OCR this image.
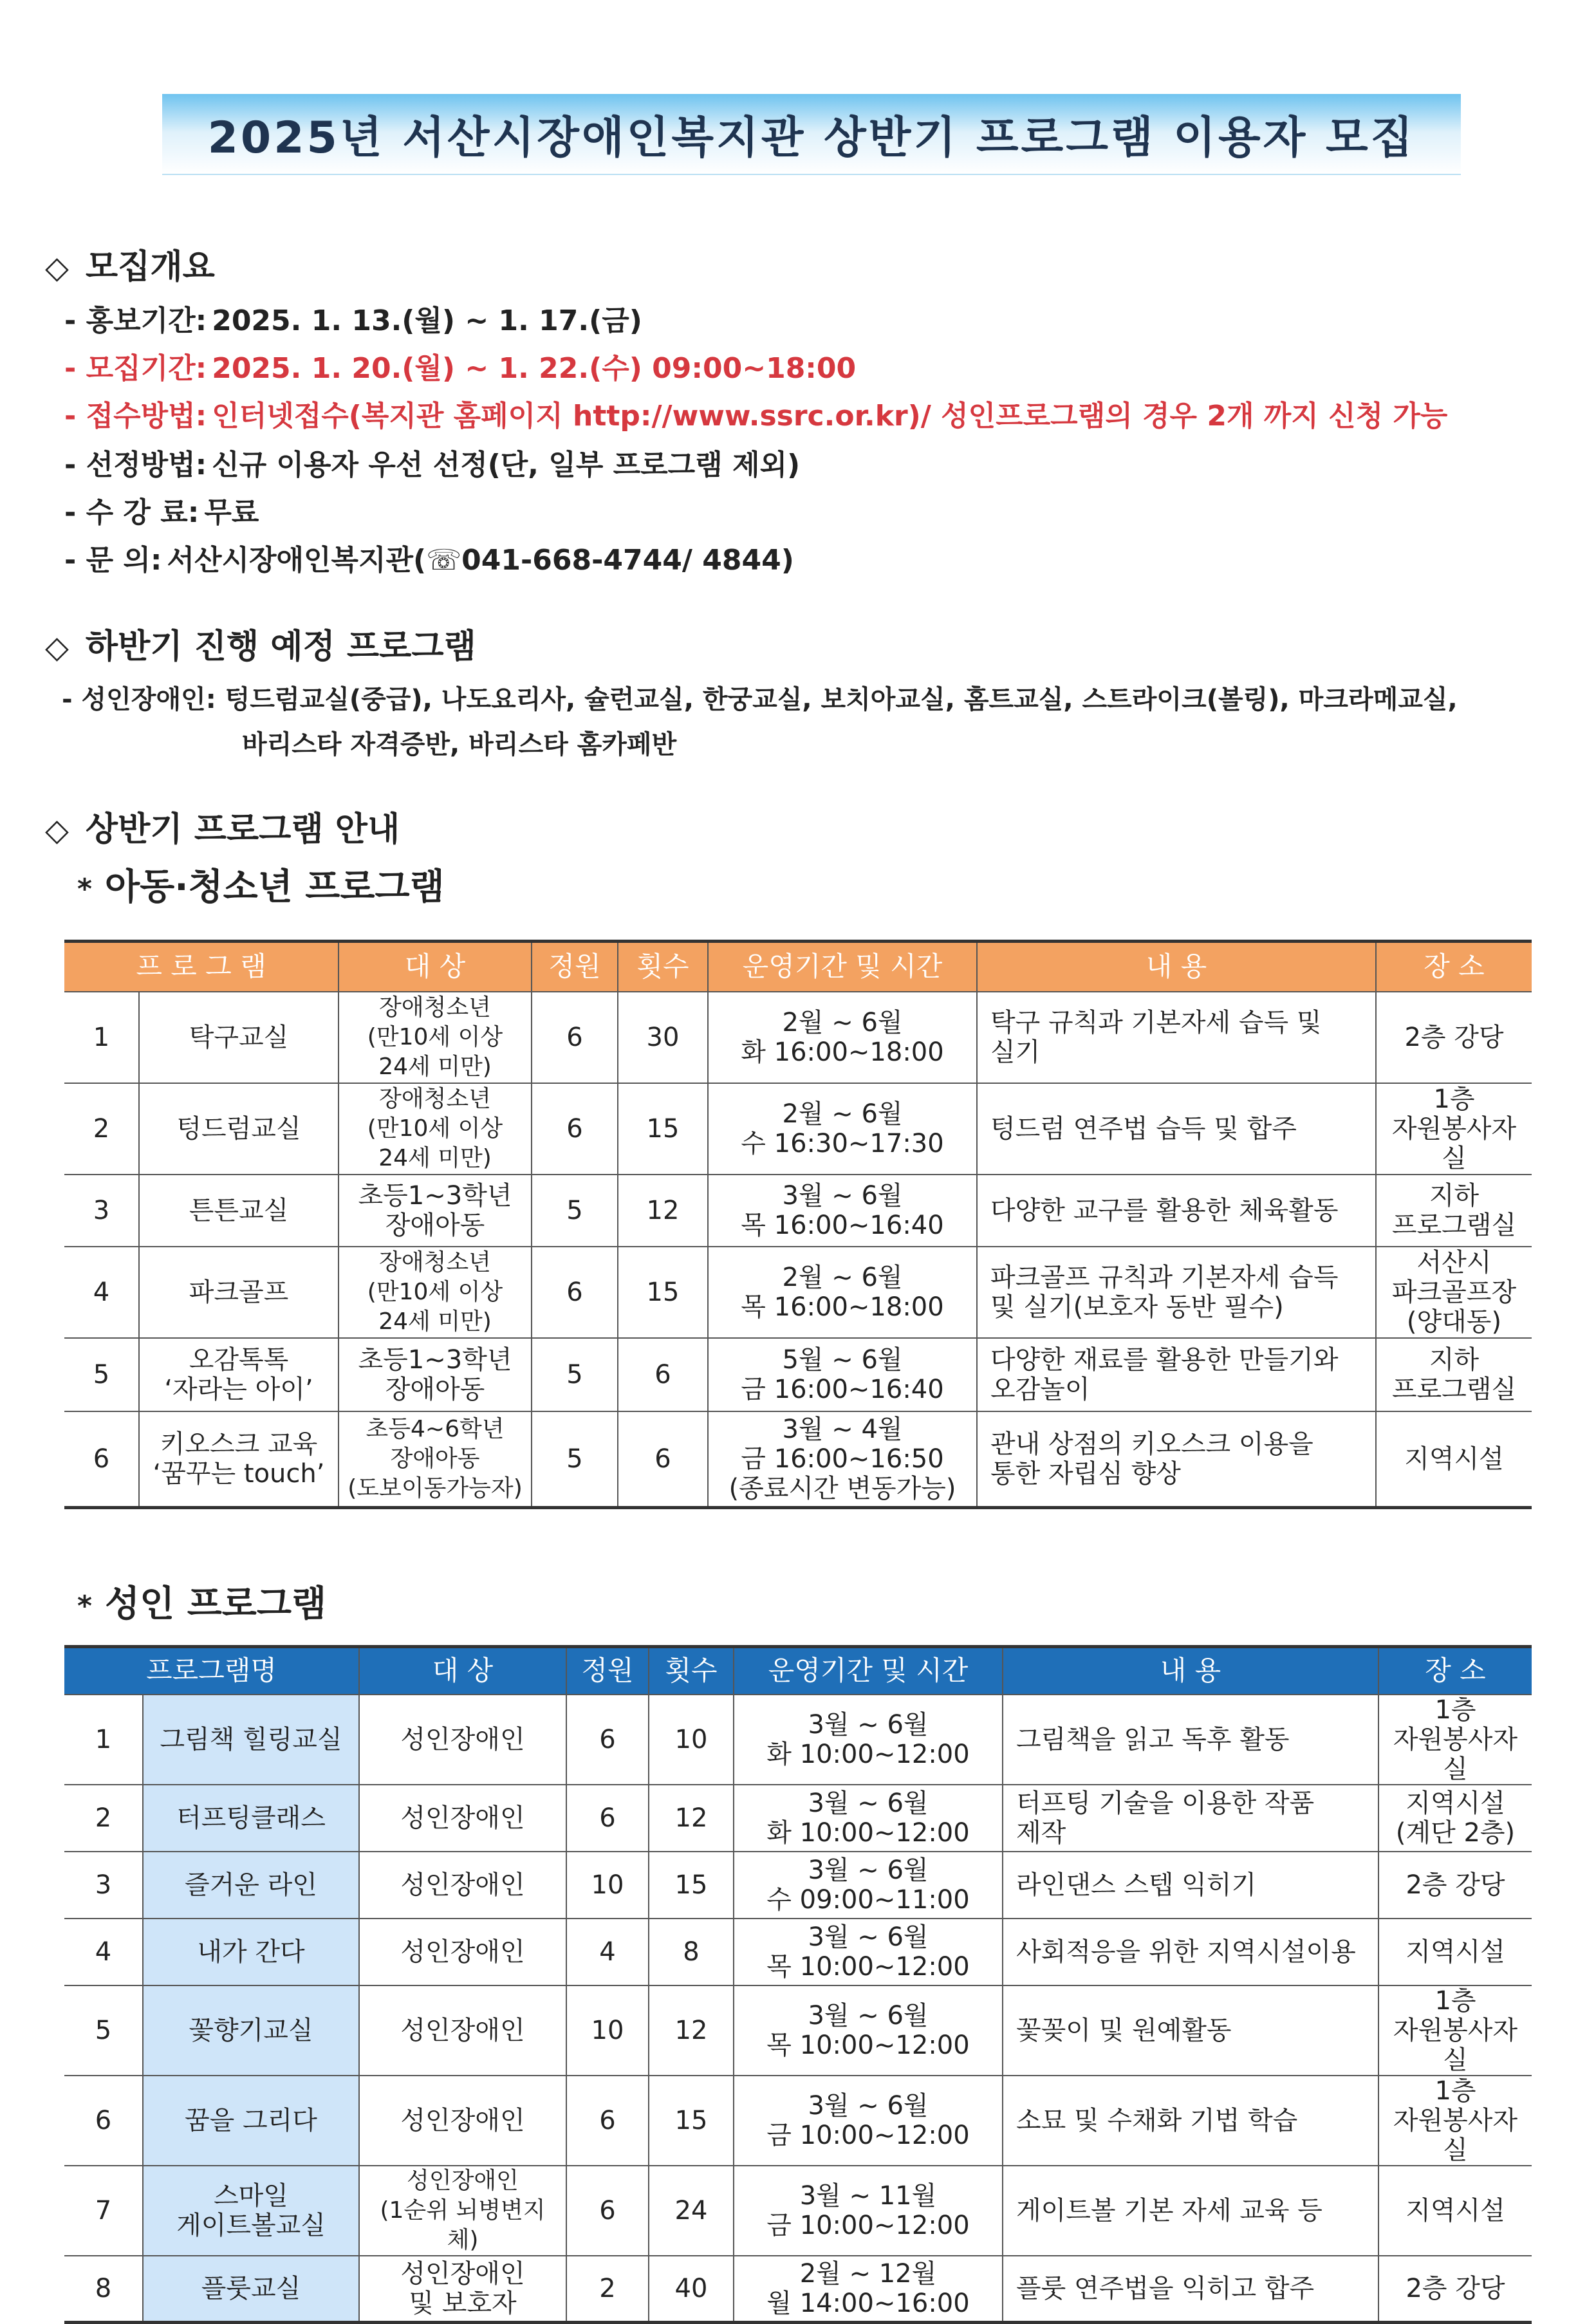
2025년 서산시장애인복지관 상반기 프로그램 이용자 모집
◇ 모집개요
- 홍보기간: 2025. 1. 13.(월) ~ 1. 17.(금)
- 모집기간: 2025. 1. 20.(월) ~ 1. 22.(수) 09:00~18:00
- 접수방법: 인터넷접수(복지관 홈페이지 http://www.ssrc.or.kr)/ 성인프로그램의 경우 2개 까지 신청 가능
- 선정방법: 신규 이용자 우선 선정(단, 일부 프로그램 제외)
- 수 강 료: 무료
- 문 의: 서산시장애인복지관(☏041-668-4744/ 4844)
◇ 하반기 진행 예정 프로그램
- 성인장애인: 텅드럼교실(중급), 나도요리사, 슐런교실, 한궁교실, 보치아교실, 홈트교실, 스트라이크(볼링), 마크라메교실,
바리스타 자격증반, 바리스타 홈카페반
◇ 상반기 프로그램 안내
* 아동·청소년 프로그램
프 로 그 램		대 상	정원	횟수	운영기간 및 시간	내 용	장 소
1	탁구교실	장애청소년
(만10세 이상
24세 미만)	6	30	2월 ~ 6월
화 16:00~18:00	탁구 규칙과 기본자세 습득 및
실기	2층 강당
2	텅드럼교실	장애청소년
(만10세 이상
24세 미만)	6	15	2월 ~ 6월
수 16:30~17:30	텅드럼 연주법 습득 및 합주	1층
자원봉사자실
3	튼튼교실	초등1~3학년
장애아동	5	12	3월 ~ 6월
목 16:00~16:40	다양한 교구를 활용한 체육활동	지하
프로그램실
4	파크골프	장애청소년
(만10세 이상
24세 미만)	6	15	2월 ~ 6월
목 16:00~18:00	파크골프 규칙과 기본자세 습득
및 실기(보호자 동반 필수)	서산시
파크골프장
(양대동)
5	오감톡톡
‘자라는 아이’	초등1~3학년
장애아동	5	6	5월 ~ 6월
금 16:00~16:40	다양한 재료를 활용한 만들기와
오감놀이	지하
프로그램실
6	키오스크 교육
‘꿈꾸는 touch’	초등4~6학년
장애아동
(도보이동가능자)	5	6	3월 ~ 4월
금 16:00~16:50
(종료시간 변동가능)	관내 상점의 키오스크 이용을
통한 자립심 향상	지역시설
* 성인 프로그램
프로그램명		대 상	정원	횟수	운영기간 및 시간	내 용	장 소
1	그림책 힐링교실	성인장애인	6	10	3월 ~ 6월
화 10:00~12:00	그림책을 읽고 독후 활동	1층
자원봉사자실
2	터프팅클래스	성인장애인	6	12	3월 ~ 6월
화 10:00~12:00	터프팅 기술을 이용한 작품
제작	지역시설
(계단 2층)
3	즐거운 라인	성인장애인	10	15	3월 ~ 6월
수 09:00~11:00	라인댄스 스텝 익히기	2층 강당
4	내가 간다	성인장애인	4	8	3월 ~ 6월
목 10:00~12:00	사회적응을 위한 지역시설이용	지역시설
5	꽃향기교실	성인장애인	10	12	3월 ~ 6월
목 10:00~12:00	꽃꽂이 및 원예활동	1층
자원봉사자실
6	꿈을 그리다	성인장애인	6	15	3월 ~ 6월
금 10:00~12:00	소묘 및 수채화 기법 학습	1층
자원봉사자실
7	스마일
게이트볼교실	성인장애인
(1순위 뇌병변지체)	6	24	3월 ~ 11월
금 10:00~12:00	게이트볼 기본 자세 교육 등	지역시설
8	플룻교실	성인장애인
및 보호자	2	40	2월 ~ 12월
월 14:00~16:00	플룻 연주법을 익히고 합주	2층 강당
